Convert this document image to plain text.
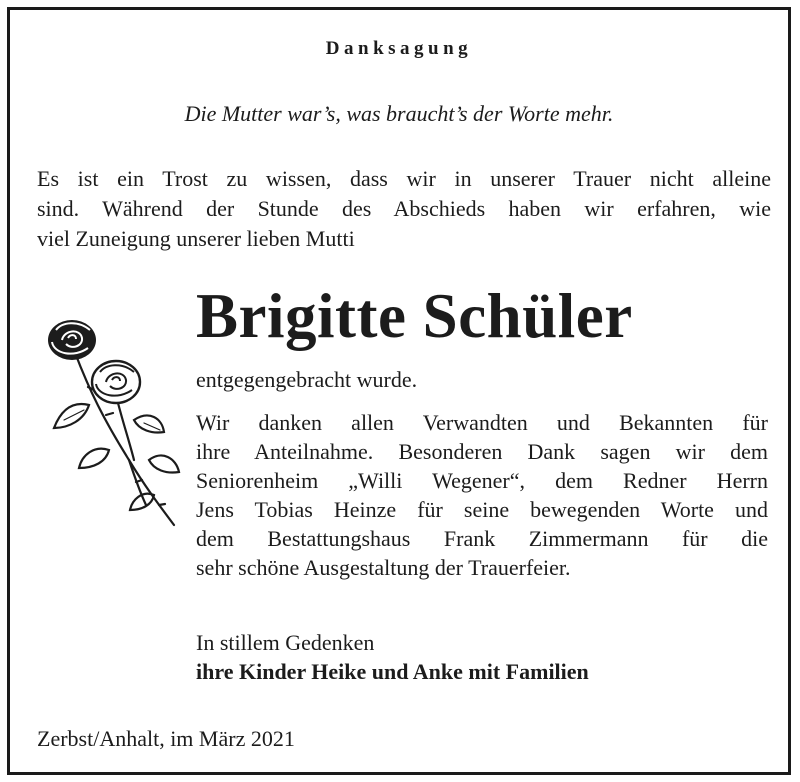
Danksagung
Die Mutter war’s, was braucht’s der Worte mehr.
Es ist ein Trost zu wissen, dass wir in unserer Trauer nicht alleine
sind. Während der Stunde des Abschieds haben wir erfahren, wie
viel Zuneigung unserer lieben Mutti
Brigitte Schüler
entgegengebracht wurde.
Wir danken allen Verwandten und Bekannten für
ihre Anteilnahme. Besonderen Dank sagen wir dem
Seniorenheim „Willi Wegener“, dem Redner Herrn
Jens Tobias Heinze für seine bewegenden Worte und
dem Bestattungshaus Frank Zimmermann für die
sehr schöne Ausgestaltung der Trauerfeier.
In stillem Gedenken
ihre Kinder Heike und Anke mit Familien
Zerbst/Anhalt, im März 2021
